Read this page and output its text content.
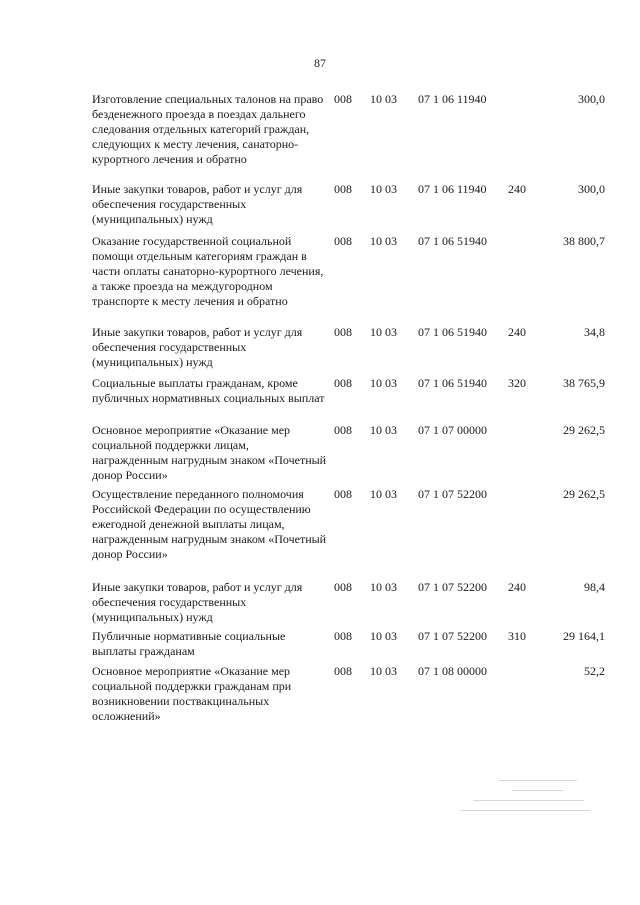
87
Изготовление специальных талонов на право безденежного проезда в поездах дальнего следования отдельных категорий граждан, следующих к месту лечения, санаторно-курортного лечения и обратно
008 10 03 07 1 06 11940	300,0
Иные закупки товаров, работ и услуг для обеспечения государственных (муниципальных) нужд
008 10 03 07 1 06 11940 240	300,0
Оказание государственной социальной помощи отдельным категориям граждан в части оплаты санаторно-курортного лечения, а также проезда на междугородном транспорте к месту лечения и обратно
008 10 03 07 1 06 51940	38 800,7
Иные закупки товаров, работ и услуг для обеспечения государственных (муниципальных) нужд
008 10 03 07 1 06 51940 240	34,8
Социальные выплаты гражданам, кроме публичных нормативных социальных выплат
008 10 03 07 1 06 51940 320	38 765,9
Основное мероприятие «Оказание мер социальной поддержки лицам, награжденным нагрудным знаком «Почетный донор России»
008 10 03 07 1 07 00000	29 262,5
Осуществление переданного полномочия Российской Федерации по осуществлению ежегодной денежной выплаты лицам, награжденным нагрудным знаком «Почетный донор России»
008 10 03 07 1 07 52200	29 262,5
Иные закупки товаров, работ и услуг для обеспечения государственных (муниципальных) нужд
008 10 03 07 1 07 52200 240	98,4
Публичные нормативные социальные выплаты гражданам
008 10 03 07 1 07 52200 310	29 164,1
Основное мероприятие «Оказание мер социальной поддержки гражданам при возникновении поствакцинальных осложнений»
008 10 03 07 1 08 00000	52,2
